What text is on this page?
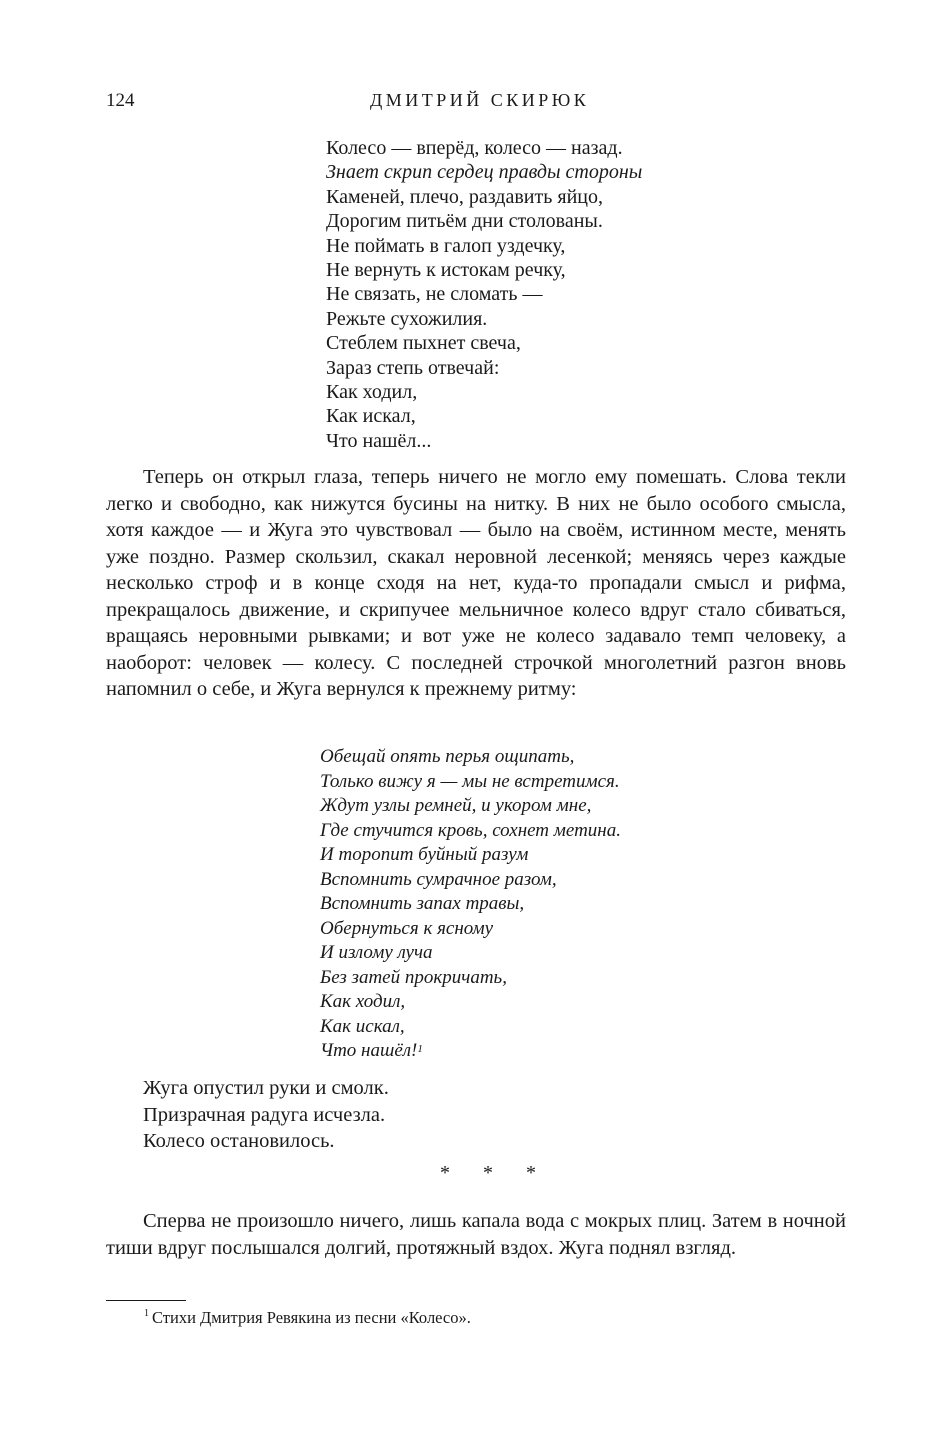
124	ДМИТРИЙ СКИРЮК
Колесо — вперёд, колесо — назад.
Знает скрип сердец правды стороны
Каменей, плечо, раздавить яйцо,
Дорогим питьём дни столованы.
Не поймать в галоп уздечку,
Не вернуть к истокам речку,
Не связать, не сломать —
Режьте сухожилия.
Стеблем пыхнет свеча,
Зараз степь отвечай:
Как ходил,
Как искал,
Что нашёл...

Теперь он открыл глаза, теперь ничего не могло ему помешать. Слова текли легко и свободно, как нижутся бусины на нитку. В них не было особого смысла, хотя каждое — и Жуга это чувствовал — было на своём, истинном месте, менять уже поздно. Размер скользил, скакал неровной лесенкой; меняясь через каждые несколько строф и в конце сходя на нет, куда-то пропадали смысл и рифма, прекращалось движение, и скрипучее мельничное колесо вдруг стало сбиваться, вращаясь неровными рывками; и вот уже не колесо задавало темп человеку, а наоборот: человек — колесу. С последней строчкой многолетний разгон вновь напомнил о себе, и Жуга вернулся к прежнему ритму:

Обещай опять перья ощипать,
Только вижу я — мы не встретимся.
Ждут узлы ремней, и укором мне,
Где стучится кровь, сохнет метина.
И торопит буйный разум
Вспомнить сумрачное разом,
Вспомнить запах травы,
Обернуться к ясному
И излому луча
Без затей прокричать,
Как ходил,
Как искал,
Что нашёл!$^1$
Жуга опустил руки и смолк.
Призрачная радуга исчезла.
Колесо остановилось.
* * *

Сперва не произошло ничего, лишь капала вода с мокрых плиц. Затем в ночной тиши вдруг послышался долгий, протяжный вздох. Жуга поднял взгляд.

$^1$ Стихи Дмитрия Ревякина из песни «Колесо».
